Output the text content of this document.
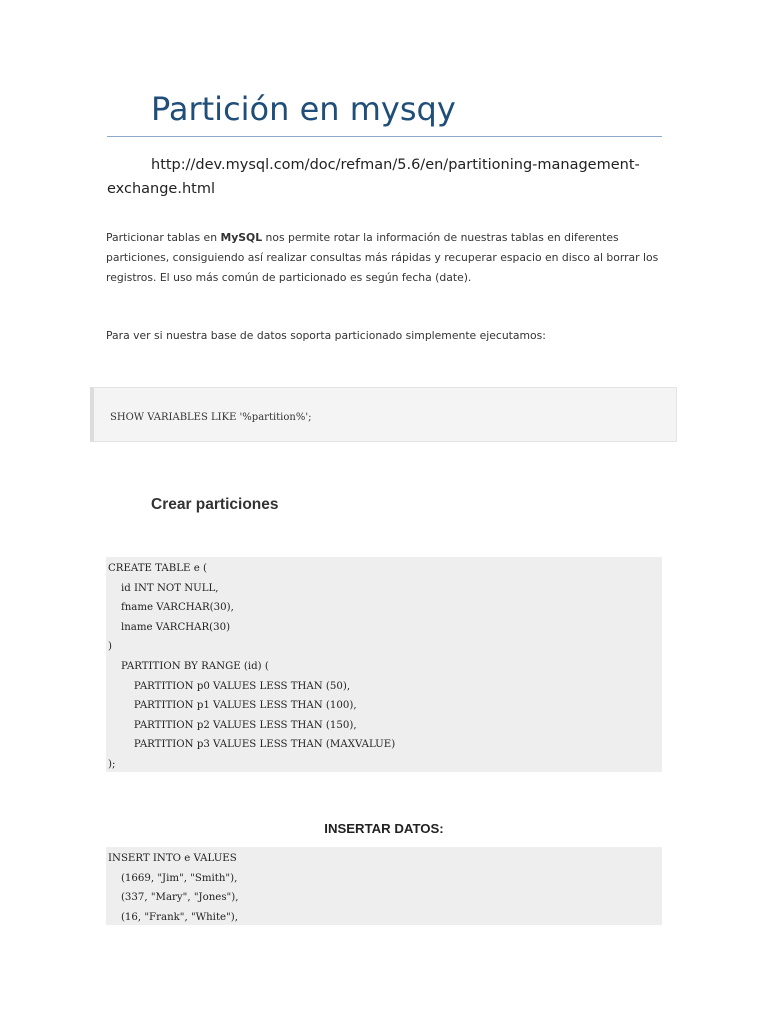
Partición en mysqy
http://dev.mysql.com/doc/refman/5.6/en/partitioning-management-exchange.html
Particionar tablas en MySQL nos permite rotar la información de nuestras tablas en diferentes particiones, consiguiendo así realizar consultas más rápidas y recuperar espacio en disco al borrar los registros. El uso más común de particionado es según fecha (date).
Para ver si nuestra base de datos soporta particionado simplemente ejecutamos:
SHOW VARIABLES LIKE '%partition%';
Crear particiones
CREATE TABLE e (
id INT NOT NULL,
fname VARCHAR(30),
lname VARCHAR(30)
)
PARTITION BY RANGE (id) (
PARTITION p0 VALUES LESS THAN (50),
PARTITION p1 VALUES LESS THAN (100),
PARTITION p2 VALUES LESS THAN (150),
PARTITION p3 VALUES LESS THAN (MAXVALUE)
);
INSERTAR DATOS:
INSERT INTO e VALUES
(1669, "Jim", "Smith"),
(337, "Mary", "Jones"),
(16, "Frank", "White"),
